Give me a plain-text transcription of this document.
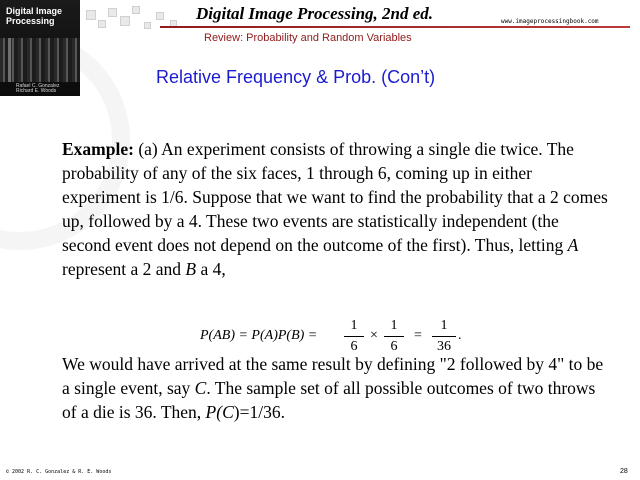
Digital Image Processing
Rafael C. Gonzalez Richard E. Woods
Digital Image Processing, 2nd ed.	www.imageprocessingbook.com
Review: Probability and Random Variables
Relative Frequency & Prob. (Con’t)

Example: (a) An experiment consists of throwing a single die twice. The probability of any of the six faces, 1 through 6, coming up in either experiment is 1/6. Suppose that we want to find the probability that a 2 comes up, followed by a 4. These two events are statistically independent (the second event does not depend on the outcome of the first). Thus, letting A represent a 2 and B a 4,

P(AB) = P(A)P(B) =
1
6
×
1
6
=
1
36
.
We would have arrived at the same result by defining "2 followed by 4" to be a single event, say C. The sample set of all possible outcomes of two throws of a die is 36. Then, P(C)=1/36.
© 2002 R. C. Gonzalez & R. E. Woods	28
